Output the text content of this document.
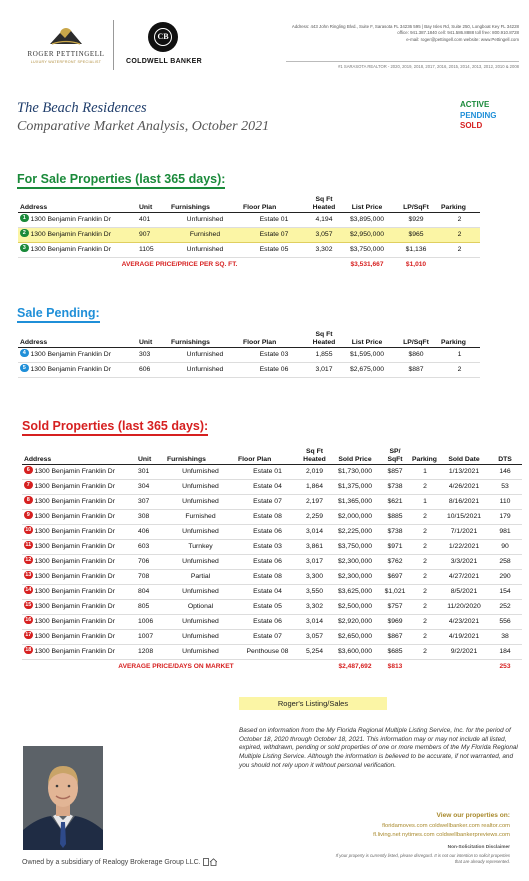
ROGER PETTINGELL
LUXURY WATERFRONT SPECIALIST
CB
COLDWELL BANKER
Address: 443 John Ringling Blvd., Suite F, Sarasota FL 34236 595 | Bay Isles Rd, Suite 250, Longboat Key FL 34228
office: 941.387.1840 cell: 941.586.8888 toll free: 800.910.8728
e-mail: roger@pettingell.com website: www.Pettingell.com
#1 SARASOTA REALTOR - 2020, 2019, 2018, 2017, 2016, 2015, 2014, 2013, 2012, 2010 & 2008
The Beach Residences
Comparative Market Analysis, October 2021
ACTIVE
PENDING
SOLD
For Sale Properties (last 365 days):
Address	Unit	Furnishings	Floor Plan	Sq Ft Heated	List Price	LP/SqFt	Parking
1 1300 Benjamin Franklin Dr	401	Unfurnished	Estate 01	4,194	$3,895,000	$929	2
2 1300 Benjamin Franklin Dr	907	Furnished	Estate 07	3,057	$2,950,000	$965	2
3 1300 Benjamin Franklin Dr	1105	Unfurnished	Estate 05	3,302	$3,750,000	$1,136	2
AVERAGE PRICE/PRICE PER SQ. FT.					$3,531,667	$1,010	
Sale Pending:
Address	Unit	Furnishings	Floor Plan	Sq Ft Heated	List Price	LP/SqFt	Parking
4 1300 Benjamin Franklin Dr	303	Unfurnished	Estate 03	1,855	$1,595,000	$860	1
5 1300 Benjamin Franklin Dr	606	Unfurnished	Estate 06	3,017	$2,675,000	$887	2
Sold Properties (last 365 days):
Address	Unit	Furnishings	Floor Plan	Sq Ft Heated	Sold Price	SP/ SqFt	Parking	Sold Date	DTS
6 1300 Benjamin Franklin Dr	301	Unfurnished	Estate 01	2,019	$1,730,000	$857	1	1/13/2021	146
7 1300 Benjamin Franklin Dr	304	Unfurnished	Estate 04	1,864	$1,375,000	$738	2	4/26/2021	53
8 1300 Benjamin Franklin Dr	307	Unfurnished	Estate 07	2,197	$1,365,000	$621	1	8/16/2021	110
9 1300 Benjamin Franklin Dr	308	Furnished	Estate 08	2,259	$2,000,000	$885	2	10/15/2021	179
10 1300 Benjamin Franklin Dr	406	Unfurnished	Estate 06	3,014	$2,225,000	$738	2	7/1/2021	981
11 1300 Benjamin Franklin Dr	603	Turnkey	Estate 03	3,861	$3,750,000	$971	2	1/22/2021	90
12 1300 Benjamin Franklin Dr	706	Unfurnished	Estate 06	3,017	$2,300,000	$762	2	3/3/2021	258
13 1300 Benjamin Franklin Dr	708	Partial	Estate 08	3,300	$2,300,000	$697	2	4/27/2021	290
14 1300 Benjamin Franklin Dr	804	Unfurnished	Estate 04	3,550	$3,625,000	$1,021	2	8/5/2021	154
15 1300 Benjamin Franklin Dr	805	Optional	Estate 05	3,302	$2,500,000	$757	2	11/20/2020	252
16 1300 Benjamin Franklin Dr	1006	Unfurnished	Estate 06	3,014	$2,920,000	$969	2	4/23/2021	556
17 1300 Benjamin Franklin Dr	1007	Unfurnished	Estate 07	3,057	$2,650,000	$867	2	4/19/2021	38
18 1300 Benjamin Franklin Dr	1208	Unfurnished	Penthouse 08	5,254	$3,600,000	$685	2	9/2/2021	184
AVERAGE PRICE/DAYS ON MARKET					$2,487,692	$813			253
Roger's Listing/Sales
Based on information from the My Florida Regional Multiple Listing Service, Inc. for the period of October 18, 2020 through October 18, 2021. This information may or may not include all listed, expired, withdrawn, pending or sold properties of one or more members of the My Florida Regional Multiple Listing Service. Although the information is believed to be accurate, if not warranted, and you should not rely upon it without personal verification.
View our properties on:
floridamoves.com coldwellbanker.com realtor.com
fl.living.net nytimes.com coldwellbankerpreviews.com
Non-Solicitation Disclaimer
If your property is currently listed, please disregard. It is not our intention to solicit properties that are already represented.
Owned by a subsidiary of Realogy Brokerage Group LLC.
